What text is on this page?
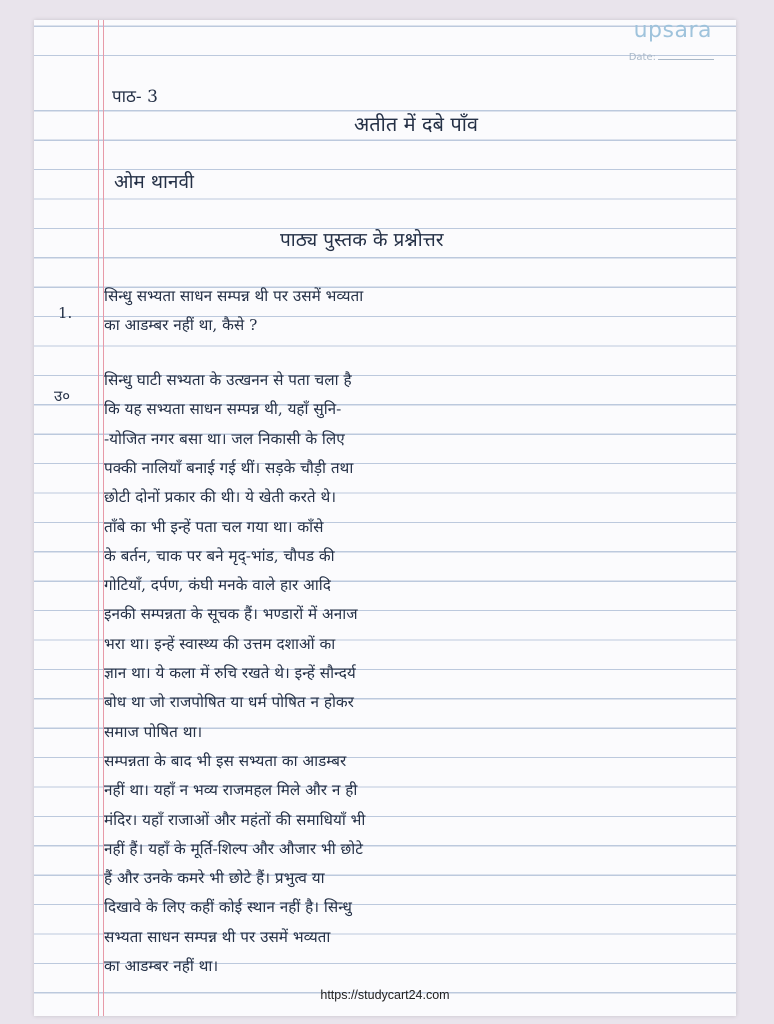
upsara
Date:
पाठ- 3
अतीत में दबे पाँव
ओम थानवी
पाठ्य पुस्तक के प्रश्नोत्तर
1.
सिन्धु सभ्यता साधन सम्पन्न थी पर उसमें भव्यता
का आडम्बर नहीं था, कैसे ?
उ०
सिन्धु घाटी सभ्यता के उत्खनन से पता चला है
कि यह सभ्यता साधन सम्पन्न थी, यहाँ सुनि-
-योजित नगर बसा था। जल निकासी के लिए
पक्की नालियाँ बनाई गई थीं। सड़के चौड़ी तथा
छोटी दोनों प्रकार की थी। ये खेती करते थे।
ताँबे का भी इन्हें पता चल गया था। काँसे
के बर्तन, चाक पर बने मृद्-भांड, चौपड की
गोटियाँ, दर्पण, कंघी मनके वाले हार आदि
इनकी सम्पन्नता के सूचक हैं। भण्डारों में अनाज
भरा था। इन्हें स्वास्थ्य की उत्तम दशाओं का
ज्ञान था। ये कला में रुचि रखते थे। इन्हें सौन्दर्य
बोध था जो राजपोषित या धर्म पोषित न होकर
समाज पोषित था।
सम्पन्नता के बाद भी इस सभ्यता का आडम्बर
नहीं था। यहाँ न भव्य राजमहल मिले और न ही
मंदिर। यहाँ राजाओं और महंतों की समाधियाँ भी
नहीं हैं। यहाँ के मूर्ति-शिल्प और औजार भी छोटे
हैं और उनके कमरे भी छोटे हैं। प्रभुत्व या
दिखावे के लिए कहीं कोई स्थान नहीं है। सिन्धु
सभ्यता साधन सम्पन्न थी पर उसमें भव्यता
का आडम्बर नहीं था।
https://studycart24.com
